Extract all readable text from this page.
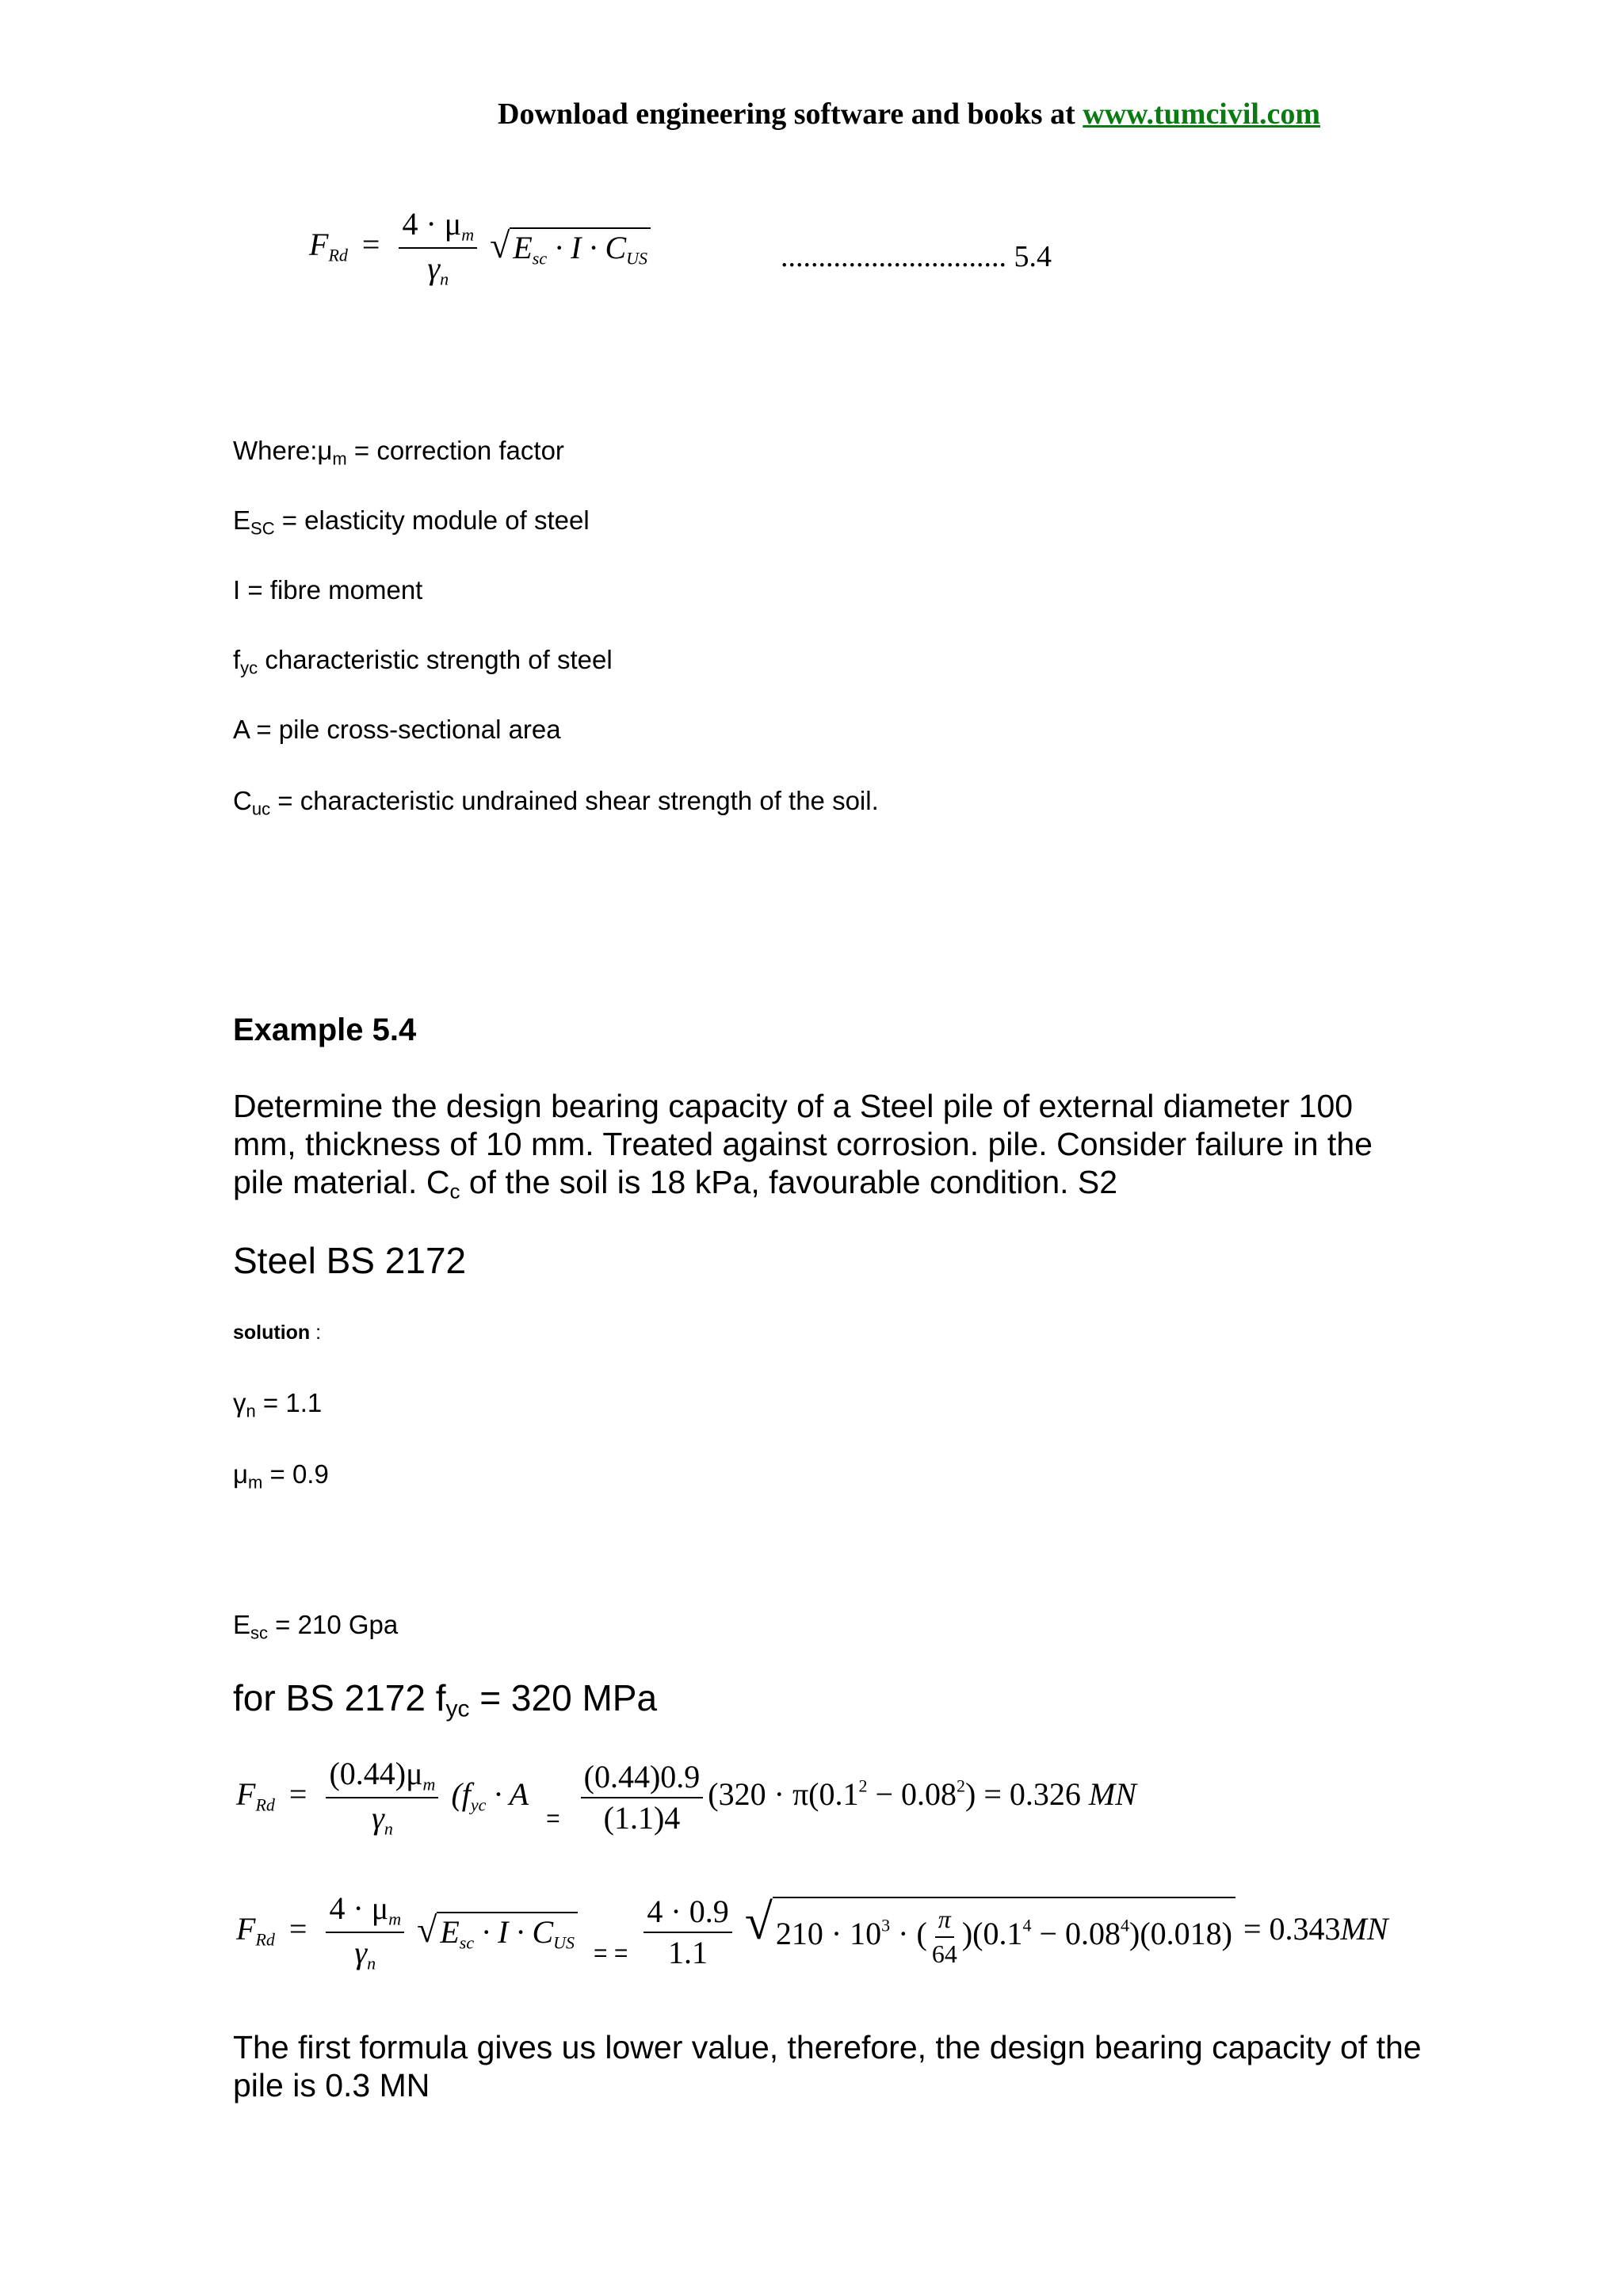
Download engineering software and books at www.tumcivil.com
$F_{Rd} = \frac{4 \cdot \mu_m}{\gamma_n}$
√ $E_{sc} \cdot I \cdot C_{US}$	.............................. 5.4
Where:μm = correction factor
ESC = elasticity module of steel
I = fibre moment
fyc characteristic strength of steel
A = pile cross-sectional area
Cuc = characteristic undrained shear strength of the soil.
Example 5.4
Determine the design bearing capacity of a Steel pile of external diameter 100 mm, thickness of 10 mm. Treated against corrosion. pile. Consider failure in the pile material. Cc of the soil is 18 kPa, favourable condition. S2
Steel BS 2172
solution :
γn = 1.1
μm = 0.9
Esc = 210 Gpa
for BS 2172 fyc = 320 MPa
$F_{Rd} = \frac{(0.44)\mu_m}{\gamma_n} (f_{yc} \cdot A$ $_= \frac{(0.44)0.9}{(1.1)4} (320 \cdot \pi(0.1^2 - 0.08^2) = 0.326$ MN
$F_{Rd} = \frac{4 \cdot \mu_m}{\gamma_n}$
√ $E_{sc} \cdot I \cdot C_{US}$ $_{= =} \frac{4 \cdot 0.9}{1.1}$
√ $210 \cdot 10^3$ · ( $\frac{\pi}{64} )(0.1^4 - 0.08^4)(0.018) = 0.343MN$
The first formula gives us lower value, therefore, the design bearing capacity of the pile is 0.3 MN
